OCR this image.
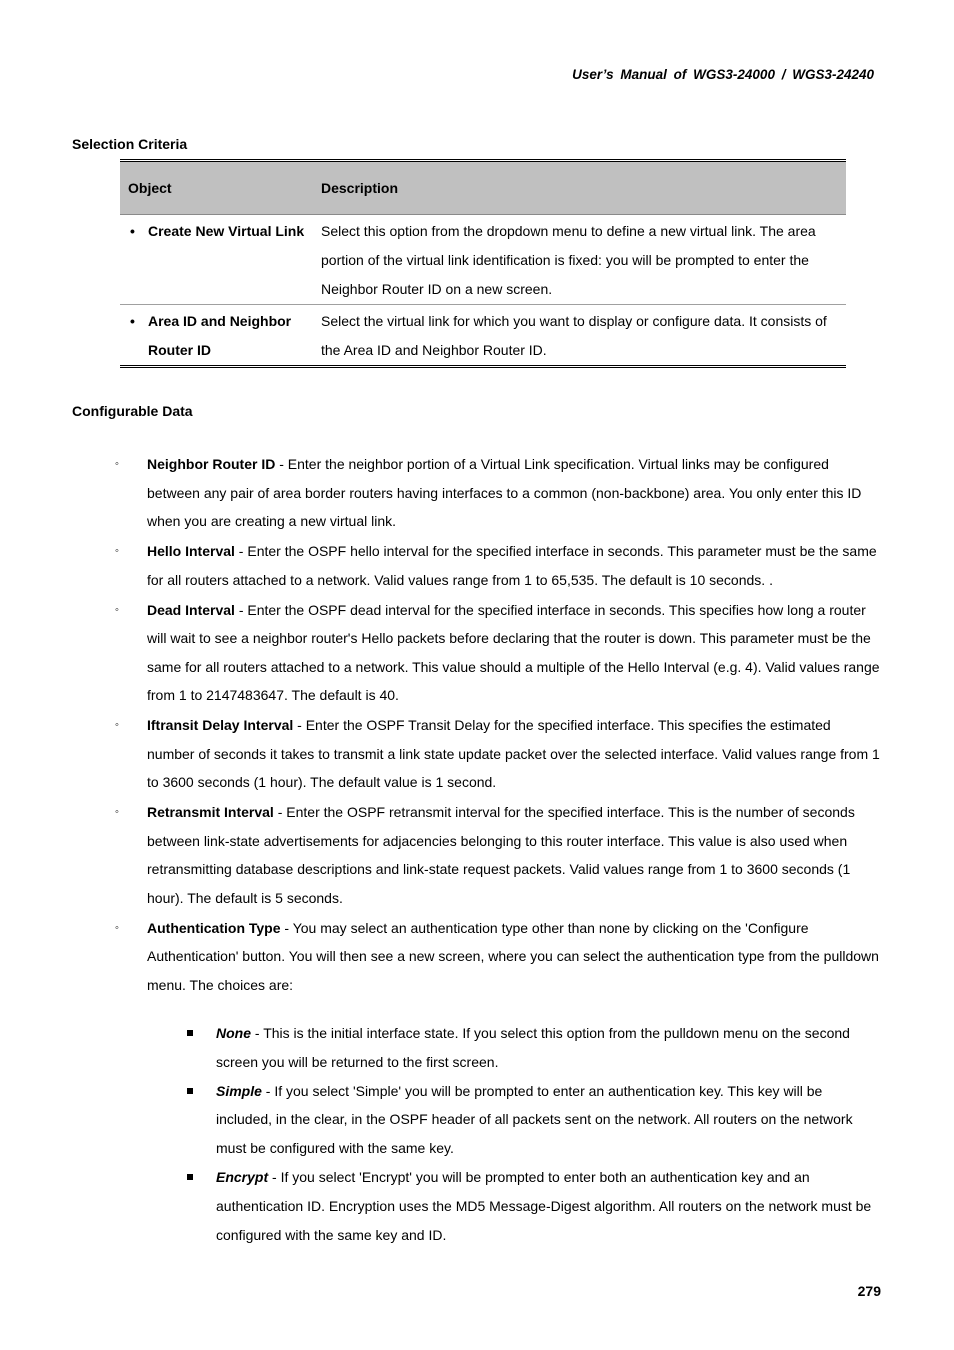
User’s Manual of WGS3-24000 / WGS3-24240
Selection Criteria
Object	Description

• Create New Virtual Link	Select this option from the dropdown menu to define a new virtual link. The area portion of the virtual link identification is fixed: you will be prompted to enter the Neighbor Router ID on a new screen.

• Area ID and Neighbor Router ID	Select the virtual link for which you want to display or configure data. It consists of the Area ID and Neighbor Router ID.
Configurable Data
◦ Neighbor Router ID - Enter the neighbor portion of a Virtual Link specification. Virtual links may be configured between any pair of area border routers having interfaces to a common (non-backbone) area. You only enter this ID when you are creating a new virtual link.
◦ Hello Interval - Enter the OSPF hello interval for the specified interface in seconds. This parameter must be the same for all routers attached to a network. Valid values range from 1 to 65,535. The default is 10 seconds. .
◦ Dead Interval - Enter the OSPF dead interval for the specified interface in seconds. This specifies how long a router will wait to see a neighbor router's Hello packets before declaring that the router is down. This parameter must be the same for all routers attached to a network. This value should a multiple of the Hello Interval (e.g. 4). Valid values range from 1 to 2147483647. The default is 40.
◦ Iftransit Delay Interval - Enter the OSPF Transit Delay for the specified interface. This specifies the estimated number of seconds it takes to transmit a link state update packet over the selected interface. Valid values range from 1 to 3600 seconds (1 hour). The default value is 1 second.
◦ Retransmit Interval - Enter the OSPF retransmit interval for the specified interface. This is the number of seconds between link-state advertisements for adjacencies belonging to this router interface. This value is also used when retransmitting database descriptions and link-state request packets. Valid values range from 1 to 3600 seconds (1 hour). The default is 5 seconds.
◦ Authentication Type - You may select an authentication type other than none by clicking on the 'Configure Authentication' button. You will then see a new screen, where you can select the authentication type from the pulldown menu. The choices are:
None - This is the initial interface state. If you select this option from the pulldown menu on the second screen you will be returned to the first screen.
Simple - If you select 'Simple' you will be prompted to enter an authentication key. This key will be included, in the clear, in the OSPF header of all packets sent on the network. All routers on the network must be configured with the same key.
Encrypt - If you select 'Encrypt' you will be prompted to enter both an authentication key and an authentication ID. Encryption uses the MD5 Message-Digest algorithm. All routers on the network must be configured with the same key and ID.
279
